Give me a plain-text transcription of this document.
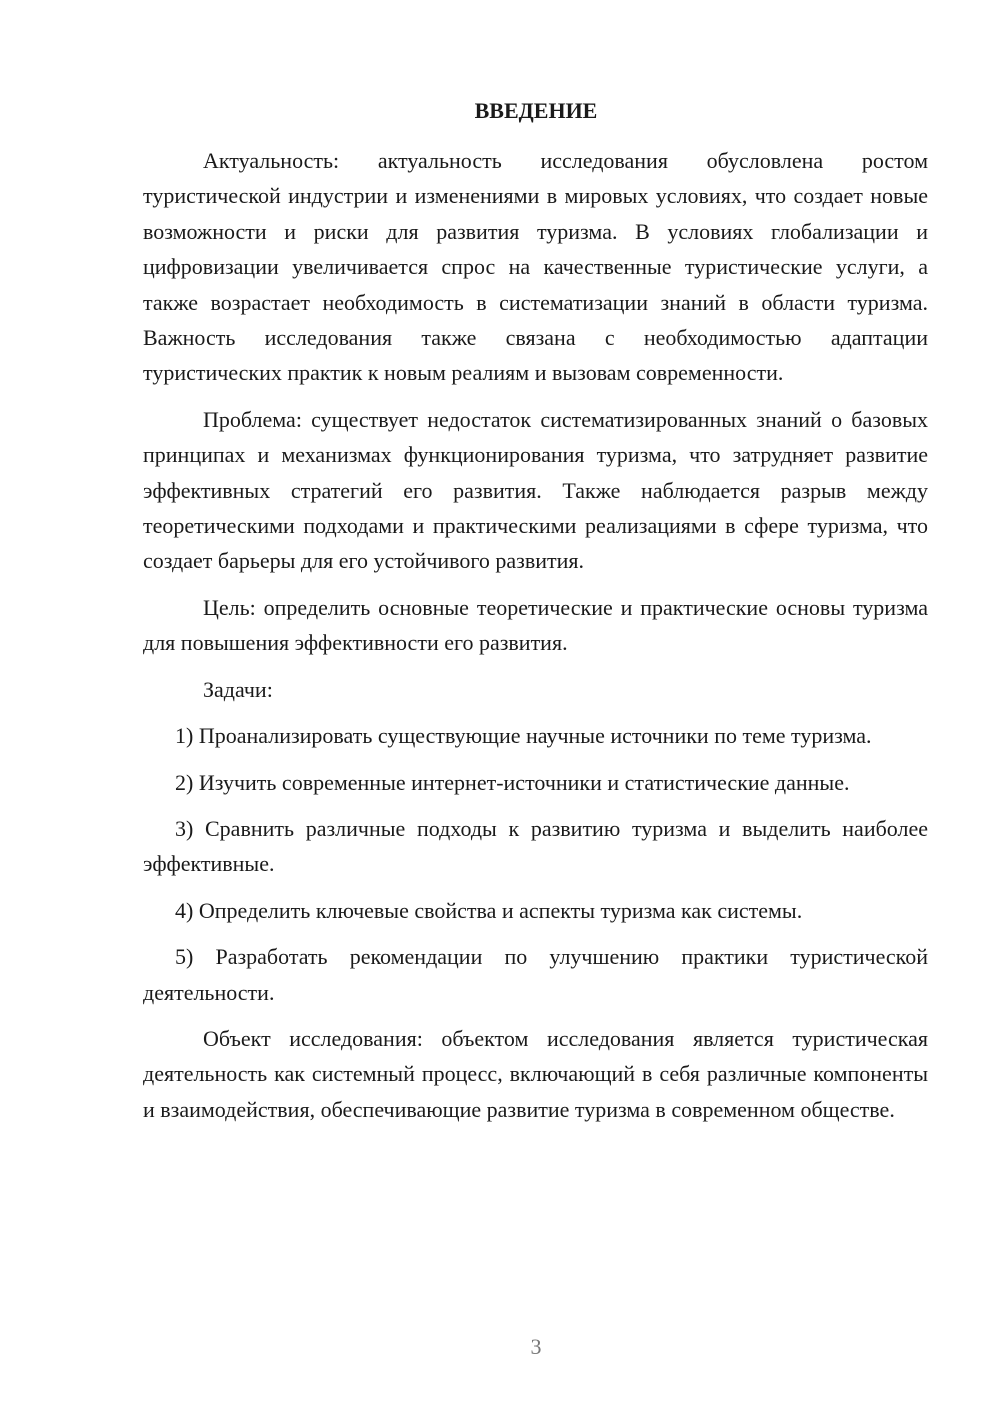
ВВЕДЕНИЕ

Актуальность: актуальность исследования обусловлена ростом туристической индустрии и изменениями в мировых условиях, что создает новые возможности и риски для развития туризма. В условиях глобализации и цифровизации увеличивается спрос на качественные туристические услуги, а также возрастает необходимость в систематизации знаний в области туризма. Важность исследования также связана с необходимостью адаптации туристических практик к новым реалиям и вызовам современности.

Проблема: существует недостаток систематизированных знаний о базовых принципах и механизмах функционирования туризма, что затрудняет развитие эффективных стратегий его развития. Также наблюдается разрыв между теоретическими подходами и практическими реализациями в сфере туризма, что создает барьеры для его устойчивого развития.

Цель: определить основные теоретические и практические основы туризма для повышения эффективности его развития.

Задачи:

1) Проанализировать существующие научные источники по теме туризма.

2) Изучить современные интернет-источники и статистические данные.

3) Сравнить различные подходы к развитию туризма и выделить наиболее эффективные.

4) Определить ключевые свойства и аспекты туризма как системы.

5) Разработать рекомендации по улучшению практики туристической деятельности.

Объект исследования: объектом исследования является туристическая деятельность как системный процесс, включающий в себя различные компоненты и взаимодействия, обеспечивающие развитие туризма в современном обществе.

3
